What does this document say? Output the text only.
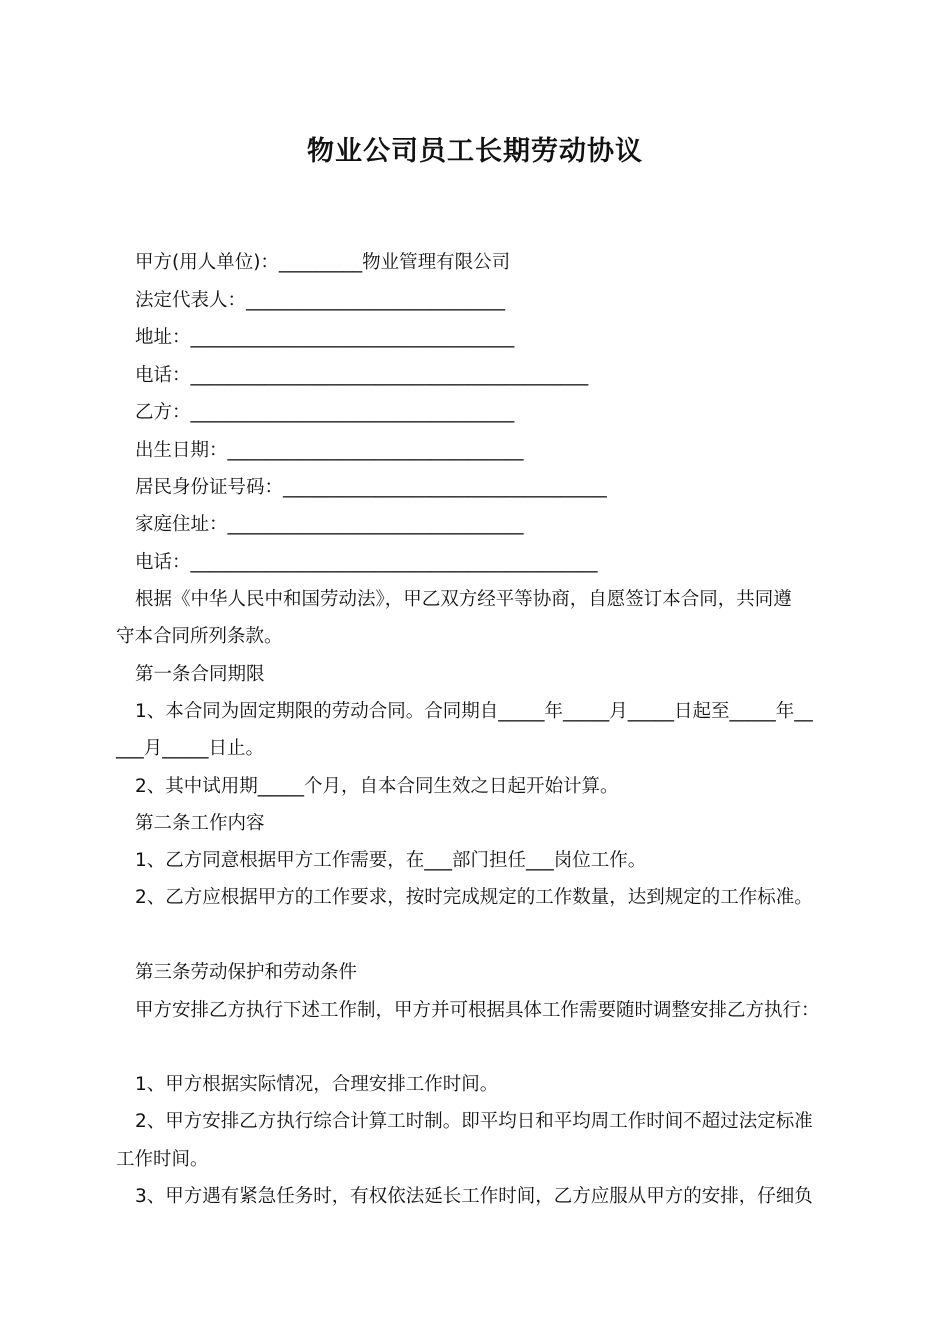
物业公司员工长期劳动协议
甲方(用人单位)：_________物业管理有限公司
法定代表人：____________________________
地址：___________________________________
电话：___________________________________________
乙方：___________________________________
出生日期：________________________________
居民身份证号码：___________________________________
家庭住址：________________________________
电话：____________________________________________
根据《中华人民中和国劳动法》，甲乙双方经平等协商，自愿签订本合同，共同遵
守本合同所列条款。
第一条合同期限
1、本合同为固定期限的劳动合同。合同期自_____年_____月_____日起至_____年__
___月_____日止。
2、其中试用期_____个月，自本合同生效之日起开始计算。
第二条工作内容
1、乙方同意根据甲方工作需要，在___部门担任___岗位工作。
2、乙方应根据甲方的工作要求，按时完成规定的工作数量，达到规定的工作标准。
第三条劳动保护和劳动条件
甲方安排乙方执行下述工作制，甲方并可根据具体工作需要随时调整安排乙方执行：
1、甲方根据实际情况，合理安排工作时间。
2、甲方安排乙方执行综合计算工时制。即平均日和平均周工作时间不超过法定标准
工作时间。
3、甲方遇有紧急任务时，有权依法延长工作时间，乙方应服从甲方的安排，仔细负
